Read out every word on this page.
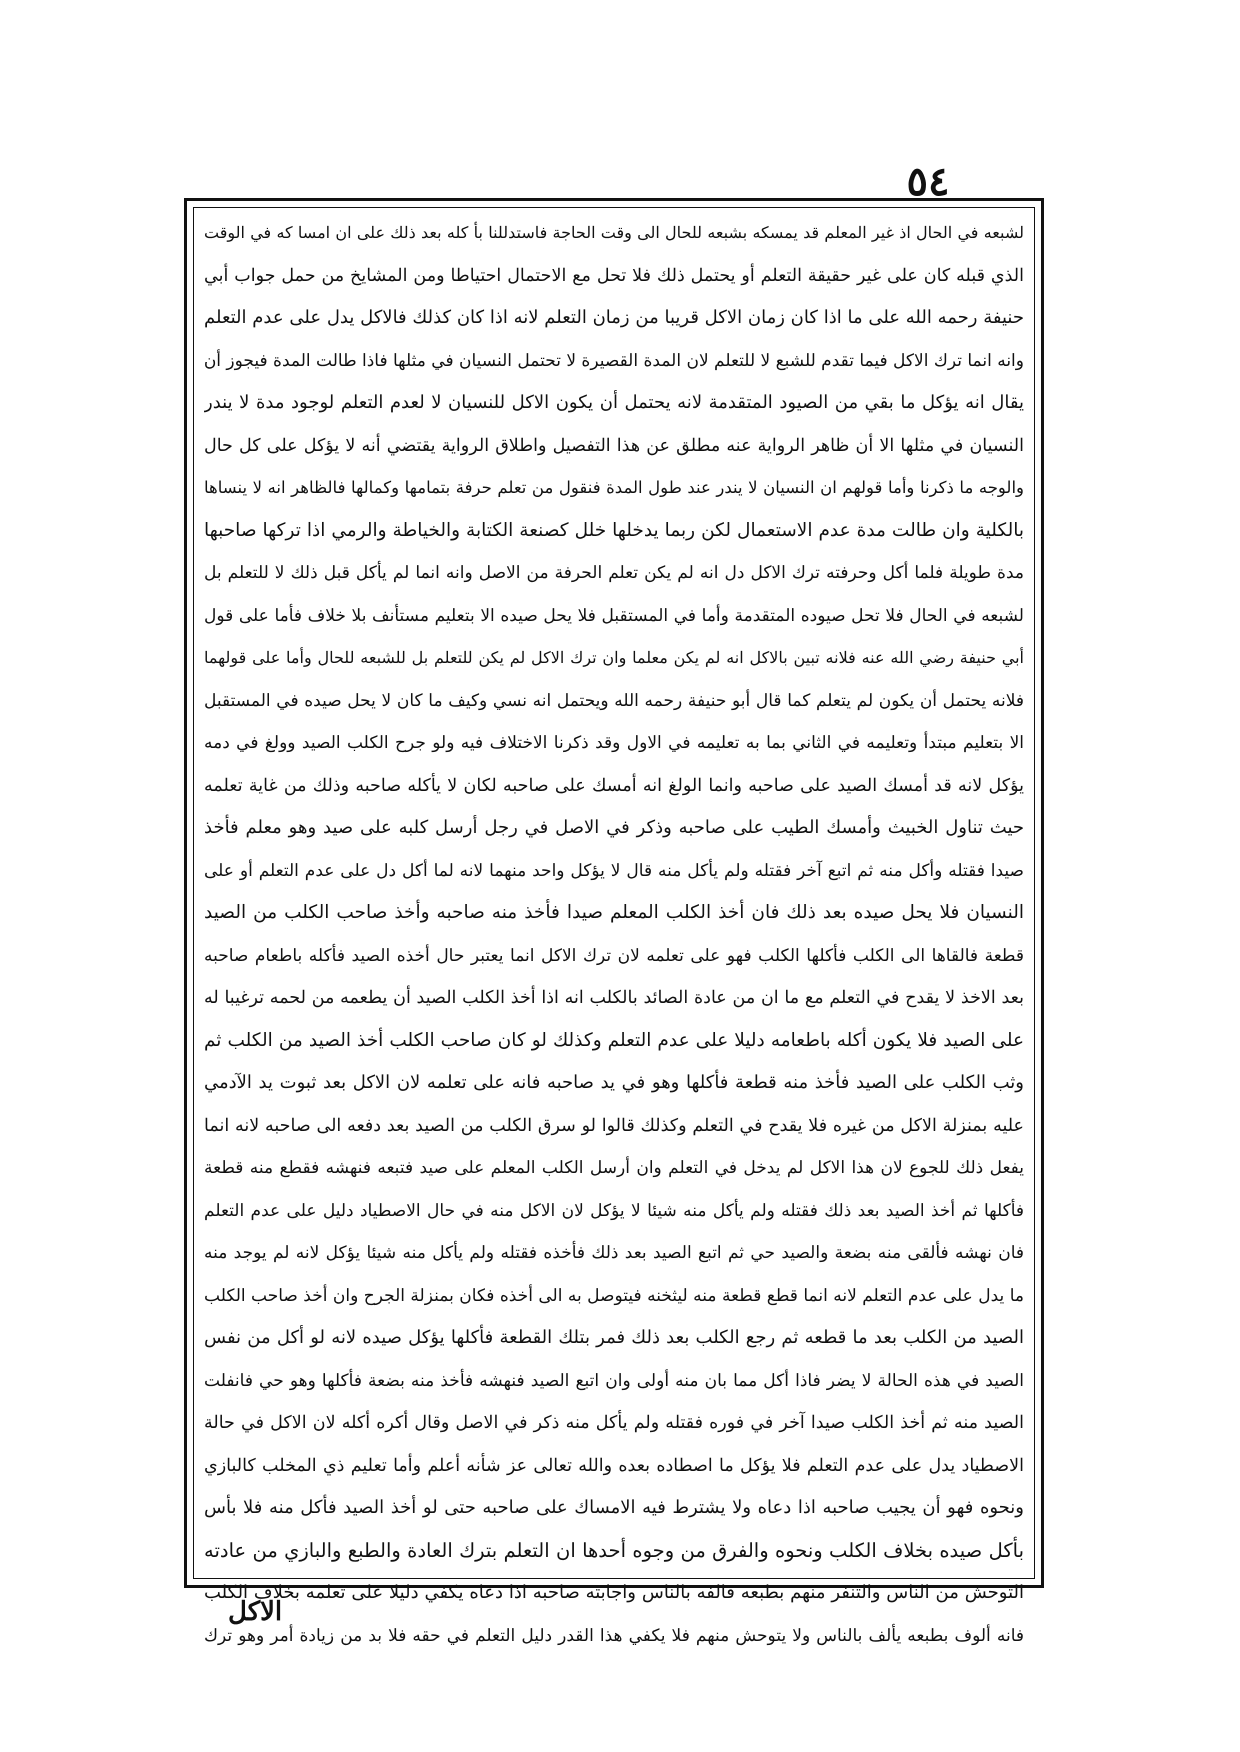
٥٤
لشبعه في الحال اذ غير المعلم قد يمسكه بشبعه للحال الى وقت الحاجة فاستدللنا بأ كله بعد ذلك على ان امسا كه في الوقت
الذي قبله كان على غير حقيقة التعلم أو يحتمل ذلك فلا تحل مع الاحتمال احتياطا ومن المشايخ من حمل جواب أبي
حنيفة رحمه الله على ما اذا كان زمان الاكل قريبا من زمان التعلم لانه اذا كان كذلك فالاكل يدل على عدم التعلم
وانه انما ترك الاكل فيما تقدم للشبع لا للتعلم لان المدة القصيرة لا تحتمل النسيان في مثلها فاذا طالت المدة فيجوز أن
يقال انه يؤكل ما بقي من الصيود المتقدمة لانه يحتمل أن يكون الاكل للنسيان لا لعدم التعلم لوجود مدة لا يندر
النسيان في مثلها الا أن ظاهر الرواية عنه مطلق عن هذا التفصيل واطلاق الرواية يقتضي أنه لا يؤكل على كل حال
والوجه ما ذكرنا وأما قولهم ان النسيان لا يندر عند طول المدة فنقول من تعلم حرفة بتمامها وكمالها فالظاهر انه لا ينساها
بالكلية وان طالت مدة عدم الاستعمال لكن ربما يدخلها خلل كصنعة الكتابة والخياطة والرمي اذا تركها صاحبها
مدة طويلة فلما أكل وحرفته ترك الاكل دل انه لم يكن تعلم الحرفة من الاصل وانه انما لم يأكل قبل ذلك لا للتعلم بل
لشبعه في الحال فلا تحل صيوده المتقدمة وأما في المستقبل فلا يحل صيده الا بتعليم مستأنف بلا خلاف فأما على قول
أبي حنيفة رضي الله عنه فلانه تبين بالاكل انه لم يكن معلما وان ترك الاكل لم يكن للتعلم بل للشبعه للحال وأما على قولهما
فلانه يحتمل أن يكون لم يتعلم كما قال أبو حنيفة رحمه الله ويحتمل انه نسي وكيف ما كان لا يحل صيده في المستقبل
الا بتعليم مبتدأ وتعليمه في الثاني بما به تعليمه في الاول وقد ذكرنا الاختلاف فيه ولو جرح الكلب الصيد وولغ في دمه
يؤكل لانه قد أمسك الصيد على صاحبه وانما الولغ انه أمسك على صاحبه لكان لا يأكله صاحبه وذلك من غاية تعلمه
حيث تناول الخبيث وأمسك الطيب على صاحبه وذكر في الاصل في رجل أرسل كلبه على صيد وهو معلم فأخذ
صيدا فقتله وأكل منه ثم اتبع آخر فقتله ولم يأكل منه قال لا يؤكل واحد منهما لانه لما أكل دل على عدم التعلم أو على
النسيان فلا يحل صيده بعد ذلك فان أخذ الكلب المعلم صيدا فأخذ منه صاحبه وأخذ صاحب الكلب من الصيد
قطعة فالقاها الى الكلب فأكلها الكلب فهو على تعلمه لان ترك الاكل انما يعتبر حال أخذه الصيد فأكله باطعام صاحبه
بعد الاخذ لا يقدح في التعلم مع ما ان من عادة الصائد بالكلب انه اذا أخذ الكلب الصيد أن يطعمه من لحمه ترغيبا له
على الصيد فلا يكون أكله باطعامه دليلا على عدم التعلم وكذلك لو كان صاحب الكلب أخذ الصيد من الكلب ثم
وثب الكلب على الصيد فأخذ منه قطعة فأكلها وهو في يد صاحبه فانه على تعلمه لان الاكل بعد ثبوت يد الآدمي
عليه بمنزلة الاكل من غيره فلا يقدح في التعلم وكذلك قالوا لو سرق الكلب من الصيد بعد دفعه الى صاحبه لانه انما
يفعل ذلك للجوع لان هذا الاكل لم يدخل في التعلم وان أرسل الكلب المعلم على صيد فتبعه فنهشه فقطع منه قطعة
فأكلها ثم أخذ الصيد بعد ذلك فقتله ولم يأكل منه شيئا لا يؤكل لان الاكل منه في حال الاصطياد دليل على عدم التعلم
فان نهشه فألقى منه بضعة والصيد حي ثم اتبع الصيد بعد ذلك فأخذه فقتله ولم يأكل منه شيئا يؤكل لانه لم يوجد منه
ما يدل على عدم التعلم لانه انما قطع قطعة منه ليثخنه فيتوصل به الى أخذه فكان بمنزلة الجرح وان أخذ صاحب الكلب
الصيد من الكلب بعد ما قطعه ثم رجع الكلب بعد ذلك فمر بتلك القطعة فأكلها يؤكل صيده لانه لو أكل من نفس
الصيد في هذه الحالة لا يضر فاذا أكل مما بان منه أولى وان اتبع الصيد فنهشه فأخذ منه بضعة فأكلها وهو حي فانفلت
الصيد منه ثم أخذ الكلب صيدا آخر في فوره فقتله ولم يأكل منه ذكر في الاصل وقال أكره أكله لان الاكل في حالة
الاصطياد يدل على عدم التعلم فلا يؤكل ما اصطاده بعده والله تعالى عز شأنه أعلم وأما تعليم ذي المخلب كالبازي
ونحوه فهو أن يجيب صاحبه اذا دعاه ولا يشترط فيه الامساك على صاحبه حتى لو أخذ الصيد فأكل منه فلا بأس
بأكل صيده بخلاف الكلب ونحوه والفرق من وجوه أحدها ان التعلم بترك العادة والطبع والبازي من عادته
التوحش من الناس والتنفر منهم بطبعه فالفه بالناس واجابته صاحبه اذا دعاه يكفي دليلا على تعلمه بخلاف الكلب
فانه ألوف بطبعه يألف بالناس ولا يتوحش منهم فلا يكفي هذا القدر دليل التعلم في حقه فلا بد من زيادة أمر وهو ترك
الاكل
